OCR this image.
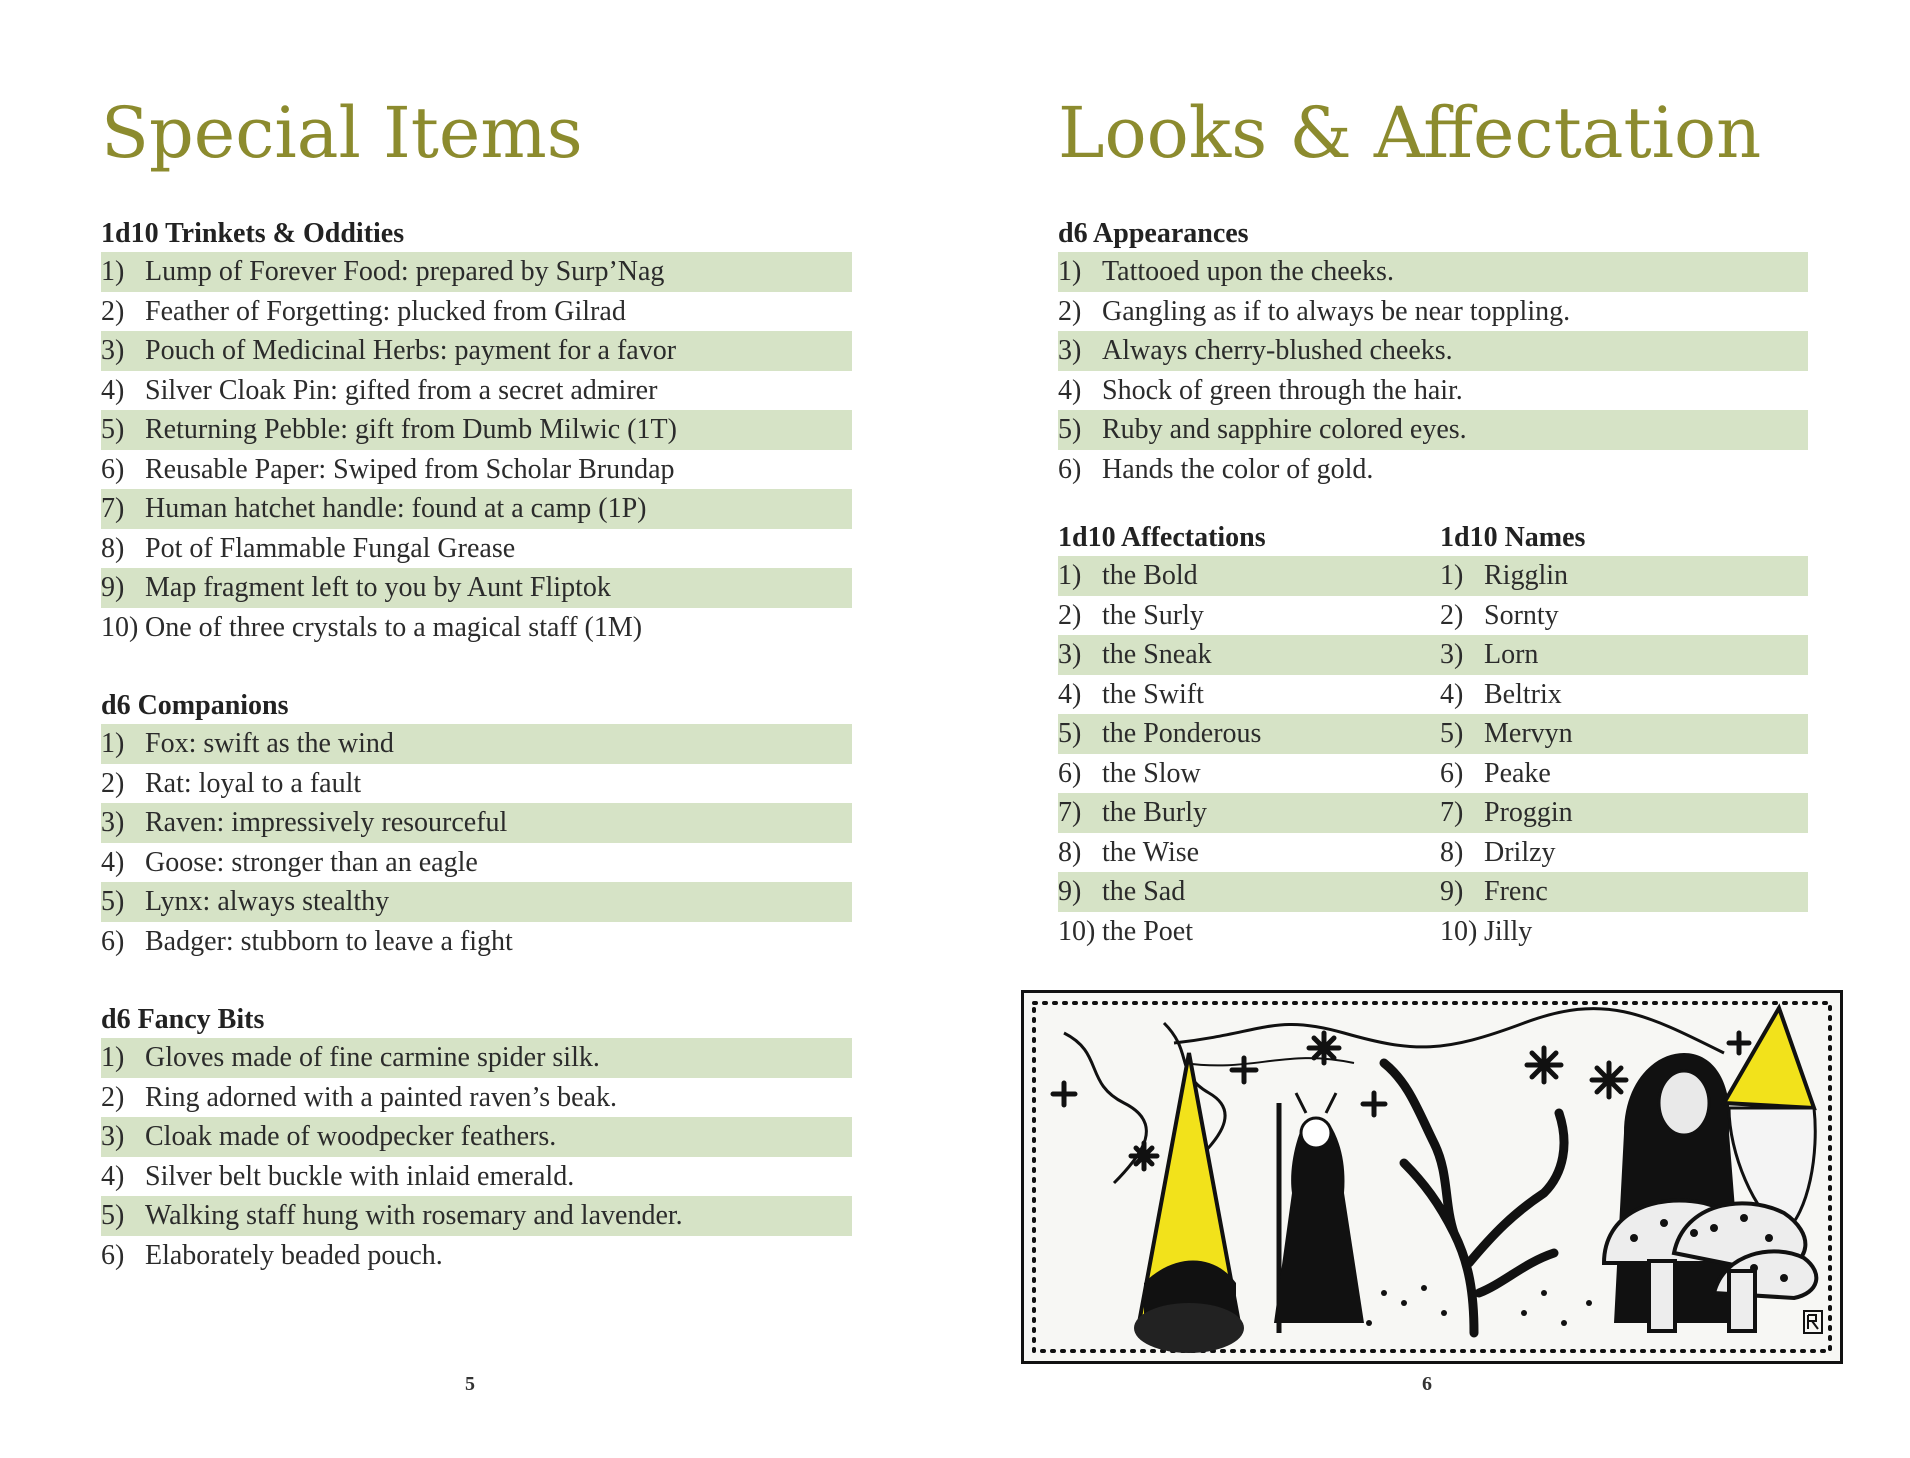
Special Items
1d10 Trinkets & Oddities
1) Lump of Forever Food: prepared by Surp’Nag
2) Feather of Forgetting: plucked from Gilrad
3) Pouch of Medicinal Herbs: payment for a favor
4) Silver Cloak Pin: gifted from a secret admirer
5) Returning Pebble: gift from Dumb Milwic (1T)
6) Reusable Paper: Swiped from Scholar Brundap
7) Human hatchet handle: found at a camp (1P)
8) Pot of Flammable Fungal Grease
9) Map fragment left to you by Aunt Fliptok
10) One of three crystals to a magical staff (1M)
d6 Companions
1) Fox: swift as the wind
2) Rat: loyal to a fault
3) Raven: impressively resourceful
4) Goose: stronger than an eagle
5) Lynx: always stealthy
6) Badger: stubborn to leave a fight
d6 Fancy Bits
1) Gloves made of fine carmine spider silk.
2) Ring adorned with a painted raven’s beak.
3) Cloak made of woodpecker feathers.
4) Silver belt buckle with inlaid emerald.
5) Walking staff hung with rosemary and lavender.
6) Elaborately beaded pouch.
5
Looks & Affectation
d6 Appearances
1) Tattooed upon the cheeks.
2) Gangling as if to always be near toppling.
3) Always cherry-blushed cheeks.
4) Shock of green through the hair.
5) Ruby and sapphire colored eyes.
6) Hands the color of gold.
1d10 Affectations
1) the Bold
2) the Surly
3) the Sneak
4) the Swift
5) the Ponderous
6) the Slow
7) the Burly
8) the Wise
9) the Sad
10) the Poet
1d10 Names
1) Rigglin
2) Sornty
3) Lorn
4) Beltrix
5) Mervyn
6) Peake
7) Proggin
8) Drilzy
9) Frenc
10) Jilly
6
